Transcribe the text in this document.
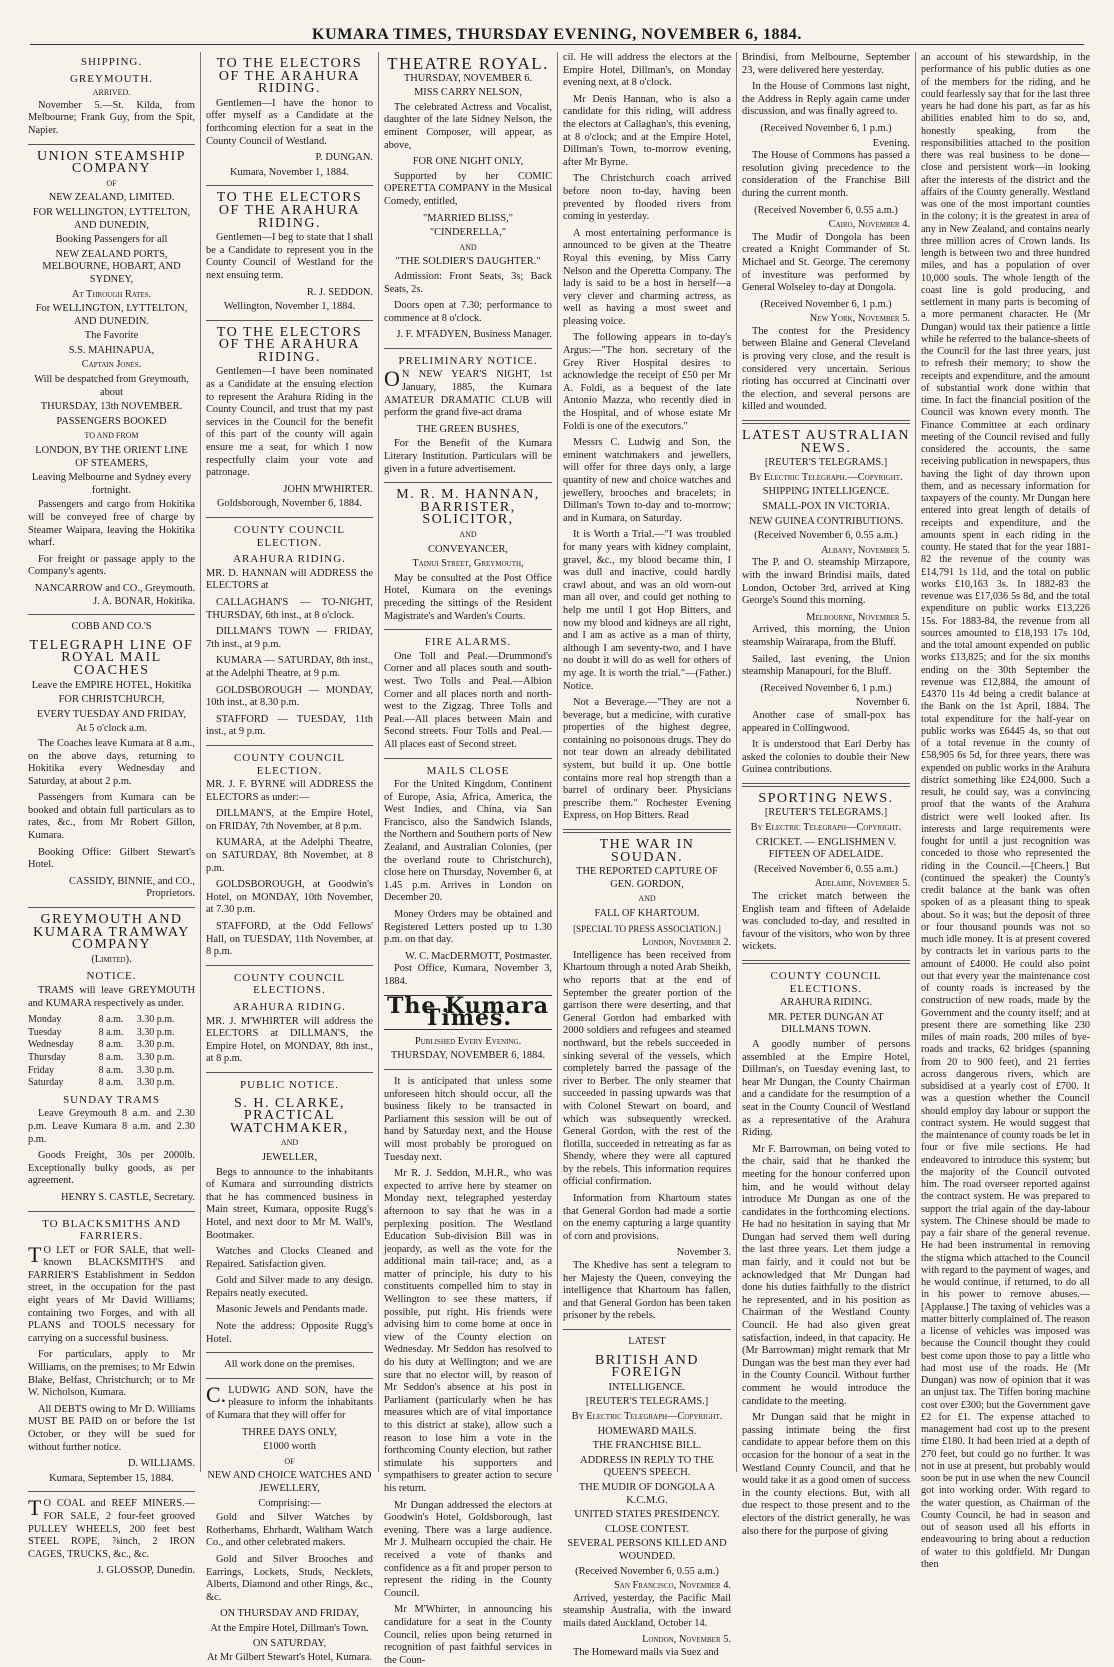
KUMARA TIMES, THURSDAY EVENING, NOVEMBER 6, 1884.
SHIPPING.
GREYMOUTH.
ARRIVED.

November 5.—St. Kilda, from Melbourne; Frank Guy, from the Spit, Napier.

UNION STEAMSHIP COMPANY
OF
NEW ZEALAND, LIMITED.
FOR WELLINGTON, LYTTELTON, AND DUNEDIN,
Booking Passengers for all
NEW ZEALAND PORTS, MELBOURNE, HOBART, AND SYDNEY,
At Through Rates.
For WELLINGTON, LYTTELTON, AND DUNEDIN.
The Favorite
S.S. MAHINAPUA,
Captain Jones.
Will be despatched from Greymouth, about
THURSDAY, 13th NOVEMBER.
PASSENGERS BOOKED
TO AND FROM
LONDON, BY THE ORIENT LINE OF STEAMERS,
Leaving Melbourne and Sydney every fortnight.

Passengers and cargo from Hokitika will be conveyed free of charge by Steamer Waipara, leaving the Hokitika wharf.

For freight or passage apply to the Company's agents.

NANCARROW and CO., Greymouth.
J. A. BONAR, Hokitika.
COBB AND CO.'S
TELEGRAPH LINE OF ROYAL MAIL COACHES
Leave the EMPIRE HOTEL, Hokitika
FOR CHRISTCHURCH,
EVERY TUESDAY AND FRIDAY,
At 5 o'clock a.m.

The Coaches leave Kumara at 8 a.m., on the above days, returning to Hokitika every Wednesday and Saturday, at about 2 p.m.

Passengers from Kumara can be booked and obtain full particulars as to rates, &c., from Mr Robert Gillon, Kumara.

Booking Office: Gilbert Stewart's Hotel.

CASSIDY, BINNIE, and CO., Proprietors.
GREYMOUTH AND KUMARA TRAMWAY COMPANY
(Limited).
NOTICE.

TRAMS will leave GREYMOUTH and KUMARA respectively as under.

Monday	8 a.m.	3.30 p.m.
Tuesday	8 a.m.	3.30 p.m.
Wednesday	8 a.m.	3.30 p.m.
Thursday	8 a.m.	3.30 p.m.
Friday	8 a.m.	3.30 p.m.
Saturday	8 a.m.	3.30 p.m.
SUNDAY TRAMS

Leave Greymouth 8 a.m. and 2.30 p.m. Leave Kumara 8 a.m. and 2.30 p.m.

Goods Freight, 30s per 2000lb. Exceptionally bulky goods, as per agreement.

HENRY S. CASTLE, Secretary.
TO BLACKSMITHS AND FARRIERS.

TO LET or FOR SALE, that well-known BLACKSMITH'S and FARRIER'S Establishment in Seddon street, in the occupation for the past eight years of Mr David Williams; containing two Forges, and with all PLANS and TOOLS necessary for carrying on a successful business.

For particulars, apply to Mr Williams, on the premises; to Mr Edwin Blake, Belfast, Christchurch; or to Mr W. Nicholson, Kumara.

All DEBTS owing to Mr D. Williams MUST BE PAID on or before the 1st October, or they will be sued for without further notice.

D. WILLIAMS.
Kumara, September 15, 1884.

TO COAL and REEF MINERS.—FOR SALE, 2 four-feet grooved PULLEY WHEELS, 200 feet best STEEL ROPE, ⅞inch, 2 IRON CAGES, TRUCKS, &c., &c.

J. GLOSSOP, Dunedin.
TO THE ELECTORS OF THE ARAHURA RIDING.

Gentlemen—I have the honor to offer myself as a Candidate at the forthcoming election for a seat in the County Council of Westland.

P. DUNGAN.
Kumara, November 1, 1884.
TO THE ELECTORS OF THE ARAHURA RIDING.

Gentlemen—I beg to state that I shall be a Candidate to represent you in the County Council of Westland for the next ensuing term.

R. J. SEDDON.
Wellington, November 1, 1884.
TO THE ELECTORS OF THE ARAHURA RIDING.

Gentlemen—I have been nominated as a Candidate at the ensuing election to represent the Arahura Riding in the County Council, and trust that my past services in the Council for the benefit of this part of the county will again ensure me a seat, for which I now respectfully claim your vote and patronage.

JOHN M'WHIRTER.
Goldsborough, November 6, 1884.
COUNTY COUNCIL ELECTION.
ARAHURA RIDING.

MR. D. HANNAN will ADDRESS the ELECTORS at

CALLAGHAN'S — TO-NIGHT, THURSDAY, 6th inst., at 8 o'clock.

DILLMAN'S TOWN — FRIDAY, 7th inst., at 9 p.m.

KUMARA — SATURDAY, 8th inst., at the Adelphi Theatre, at 9 p.m.

GOLDSBOROUGH — MONDAY, 10th inst., at 8.30 p.m.

STAFFORD — TUESDAY, 11th inst., at 9 p.m.

COUNTY COUNCIL ELECTION.

MR. J. F. BYRNE will ADDRESS the ELECTORS as under:—

DILLMAN'S, at the Empire Hotel, on FRIDAY, 7th November, at 8 p.m.

KUMARA, at the Adelphi Theatre, on SATURDAY, 8th November, at 8 p.m.

GOLDSBOROUGH, at Goodwin's Hotel, on MONDAY, 10th November, at 7.30 p.m.

STAFFORD, at the Odd Fellows' Hall, on TUESDAY, 11th November, at 8 p.m.

COUNTY COUNCIL ELECTIONS.
ARAHURA RIDING.

MR. J. M'WHIRTER will address the ELECTORS at DILLMAN'S, the Empire Hotel, on MONDAY, 8th inst., at 8 p.m.

PUBLIC NOTICE.
S. H. CLARKE, PRACTICAL WATCHMAKER,
AND
JEWELLER,

Begs to announce to the inhabitants of Kumara and surrounding districts that he has commenced business in Main street, Kumara, opposite Rugg's Hotel, and next door to Mr M. Wall's, Bootmaker.

Watches and Clocks Cleaned and Repaired. Satisfaction given.

Gold and Silver made to any design. Repairs neatly executed.

Masonic Jewels and Pendants made.

Note the address: Opposite Rugg's Hotel.

All work done on the premises.

C.LUDWIG AND SON, have the pleasure to inform the inhabitants of Kumara that they will offer for

THREE DAYS ONLY,
£1000 worth
OF
NEW AND CHOICE WATCHES AND JEWELLERY,
Comprising:—

Gold and Silver Watches by Rotherhams, Ehrhardt, Waltham Watch Co., and other celebrated makers.

Gold and Silver Brooches and Earrings, Lockets, Studs, Necklets, Alberts, Diamond and other Rings, &c., &c.

ON THURSDAY AND FRIDAY,
At the Empire Hotel, Dillman's Town.
ON SATURDAY,
At Mr Gilbert Stewart's Hotel, Kumara.
THEATRE ROYAL.
THURSDAY, NOVEMBER 6.
MISS CARRY NELSON,

The celebrated Actress and Vocalist, daughter of the late Sidney Nelson, the eminent Composer, will appear, as above,

FOR ONE NIGHT ONLY,

Supported by her COMIC OPERETTA COMPANY in the Musical Comedy, entitled,

"MARRIED BLISS,"
"CINDERELLA,"
AND
"THE SOLDIER'S DAUGHTER."

Admission: Front Seats, 3s; Back Seats, 2s.

Doors open at 7.30; performance to commence at 8 o'clock.

J. F. M'FADYEN, Business Manager.
PRELIMINARY NOTICE.

ON NEW YEAR'S NIGHT, 1st January, 1885, the Kumara AMATEUR DRAMATIC CLUB will perform the grand five-act drama

THE GREEN BUSHES,

For the Benefit of the Kumara Literary Institution. Particulars will be given in a future advertisement.

M. R. M. HANNAN, BARRISTER, SOLICITOR,
AND
CONVEYANCER,
Tainui Street, Greymouth,

May be consulted at the Post Office Hotel, Kumara on the evenings preceding the sittings of the Resident Magistrate's and Warden's Courts.

FIRE ALARMS.

One Toll and Peal.—Drummond's Corner and all places south and south-west. Two Tolls and Peal.—Albion Corner and all places north and north-west to the Zigzag. Three Tolls and Peal.—All places between Main and Second streets. Four Tolls and Peal.—All places east of Second street.

MAILS CLOSE

For the United Kingdom, Continent of Europe, Asia, Africa, America, the West Indies, and China, via San Francisco, also the Sandwich Islands, the Northern and Southern ports of New Zealand, and Australian Colonies, (per the overland route to Christchurch), close here on Thursday, November 6, at 1.45 p.m. Arrives in London on December 20.

Money Orders may be obtained and Registered Letters posted up to 1.30 p.m. on that day.

W. C. MacDERMOTT, Postmaster.

Post Office, Kumara, November 3, 1884.

The Kumara Times.
Published Every Evening.
THURSDAY, NOVEMBER 6, 1884.

It is anticipated that unless some unforeseen hitch should occur, all the business likely to be transacted in Parliament this session will be out of hand by Saturday next, and the House will most probably be prorogued on Tuesday next.

Mr R. J. Seddon, M.H.R., who was expected to arrive here by steamer on Monday next, telegraphed yesterday afternoon to say that he was in a perplexing position. The Westland Education Sub-division Bill was in jeopardy, as well as the vote for the additional main tail-race; and, as a matter of principle, his duty to his constituents compelled him to stay in Wellington to see these matters, if possible, put right. His friends were advising him to come home at once in view of the County election on Wednesday. Mr Seddon has resolved to do his duty at Wellington; and we are sure that no elector will, by reason of Mr Seddon's absence at his post in Parliament (particularly when he has measures which are of vital importance to this district at stake), allow such a reason to lose him a vote in the forthcoming County election, but rather stimulate his supporters and sympathisers to greater action to secure his return.

Mr Dungan addressed the electors at Goodwin's Hotel, Goldsborough, last evening. There was a large audience. Mr J. Mulhearn occupied the chair. He received a vote of thanks and confidence as a fit and proper person to represent the riding in the County Council.

Mr M'Whirter, in announcing his candidature for a seat in the County Council, relies upon being returned in recognition of past faithful services in the Coun-

cil. He will address the electors at the Empire Hotel, Dillman's, on Monday evening next, at 8 o'clock.

Mr Denis Hannan, who is also a candidate for this riding, will address the electors at Callaghan's, this evening, at 8 o'clock; and at the Empire Hotel, Dillman's Town, to-morrow evening, after Mr Byrne.

The Christchurch coach arrived before noon to-day, having been prevented by flooded rivers from coming in yesterday.

A most entertaining performance is announced to be given at the Theatre Royal this evening, by Miss Carry Nelson and the Operetta Company. The lady is said to be a host in herself—a very clever and charming actress, as well as having a most sweet and pleasing voice.

The following appears in to-day's Argus:—"The hon. secretary of the Grey River Hospital desires to acknowledge the receipt of £50 per Mr A. Foldi, as a bequest of the late Antonio Mazza, who recently died in the Hospital, and of whose estate Mr Foldi is one of the executors."

Messrs C. Ludwig and Son, the eminent watchmakers and jewellers, will offer for three days only, a large quantity of new and choice watches and jewellery, brooches and bracelets; in Dillman's Town to-day and to-morrow; and in Kumara, on Saturday.

It is Worth a Trial.—"I was troubled for many years with kidney complaint, gravel, &c., my blood became thin, I was dull and inactive, could hardly crawl about, and was an old worn-out man all over, and could get nothing to help me until I got Hop Bitters, and now my blood and kidneys are all right, and I am as active as a man of thirty, although I am seventy-two, and I have no doubt it will do as well for others of my age. It is worth the trial."—(Father.) Notice.

Not a Beverage.—"They are not a beverage, but a medicine, with curative properties of the highest degree, containing no poisonous drugs. They do not tear down an already debilitated system, but build it up. One bottle contains more real hop strength than a barrel of ordinary beer. Physicians prescribe them." Rochester Evening Express, on Hop Bitters. Read

THE WAR IN SOUDAN.
THE REPORTED CAPTURE OF GEN. GORDON,
AND
FALL OF KHARTOUM.
[SPECIAL TO PRESS ASSOCIATION.]
London, November 2.

Intelligence has been received from Khartoum through a noted Arab Sheikh, who reports that at the end of September the greater portion of the garrison there were deserting, and that General Gordon had embarked with 2000 soldiers and refugees and steamed northward, but the rebels succeeded in sinking several of the vessels, which completely barred the passage of the river to Berber. The only steamer that succeeded in passing upwards was that with Colonel Stewart on board, and which was subsequently wrecked. General Gordon, with the rest of the flotilla, succeeded in retreating as far as Shendy, where they were all captured by the rebels. This information requires official confirmation.

Information from Khartoum states that General Gordon had made a sortie on the enemy capturing a large quantity of corn and provisions.

November 3.

The Khedive has sent a telegram to her Majesty the Queen, conveying the intelligence that Khartoum has fallen, and that General Gordon has been taken prisoner by the rebels.

LATEST
BRITISH AND FOREIGN
INTELLIGENCE.
[REUTER'S TELEGRAMS.]
By Electric Telegraph—Copyright.
HOMEWARD MAILS.
THE FRANCHISE BILL.
ADDRESS IN REPLY TO THE QUEEN'S SPEECH.
THE MUDIR OF DONGOLA A K.C.M.G.
UNITED STATES PRESIDENCY.
CLOSE CONTEST.
SEVERAL PERSONS KILLED AND WOUNDED.
(Received November 6, 0.55 a.m.)
San Francisco, November 4.

Arrived, yesterday, the Pacific Mail steamship Australia, with the inward mails dated Auckland, October 14.

London, November 5.

The Homeward mails via Suez and

Brindisi, from Melbourne, September 23, were delivered here yesterday.

In the House of Commons last night, the Address in Reply again came under discussion, and was finally agreed to.

(Received November 6, 1 p.m.)
Evening.

The House of Commons has passed a resolution giving precedence to the consideration of the Franchise Bill during the current month.

(Received November 6, 0.55 a.m.)
Cairo, November 4.

The Mudir of Dongola has been created a Knight Commander of St. Michael and St. George. The ceremony of investiture was performed by General Wolseley to-day at Dongola.

(Received November 6, 1 p.m.)
New York, November 5.

The contest for the Presidency between Blaine and General Cleveland is proving very close, and the result is considered very uncertain. Serious rioting has occurred at Cincinatti over the election, and several persons are killed and wounded.

LATEST AUSTRALIAN NEWS.
[REUTER'S TELEGRAMS.]
By Electric Telegraph.—Copyright.
SHIPPING INTELLIGENCE.
SMALL-POX IN VICTORIA.
NEW GUINEA CONTRIBUTIONS.
(Received November 6, 0.55 a.m.)
Albany, November 5.

The P. and O. steamship Mirzapore, with the inward Brindisi mails, dated London, October 3rd, arrived at King George's Sound this morning.

Melbourne, November 5.

Arrived, this morning, the Union steamship Wairarapa, from the Bluff.

Sailed, last evening, the Union steamship Manapouri, for the Bluff.

(Received November 6, 1 p.m.)
November 6.

Another case of small-pox has appeared in Collingwood.

It is understood that Earl Derby has asked the colonies to double their New Guinea contributions.

SPORTING NEWS.
[REUTER'S TELEGRAMS.]
By Electric Telegraph—Copyright.
CRICKET. — ENGLISHMEN V. FIFTEEN OF ADELAIDE.
(Received November 6, 0.55 a.m.)
Adelaide, November 5.

The cricket match between the English team and fifteen of Adelaide was concluded to-day, and resulted in favour of the visitors, who won by three wickets.

COUNTY COUNCIL ELECTIONS.
ARAHURA RIDING.
MR. PETER DUNGAN AT DILLMANS TOWN.

A goodly number of persons assembled at the Empire Hotel, Dillman's, on Tuesday evening last, to hear Mr Dungan, the County Chairman and a candidate for the resumption of a seat in the County Council of Westland as a representative of the Arahura Riding.

Mr F. Barrowman, on being voted to the chair, said that he thanked the meeting for the honour conferred upon him, and he would without delay introduce Mr Dungan as one of the candidates in the forthcoming elections. He had no hesitation in saying that Mr Dungan had served them well during the last three years. Let them judge a man fairly, and it could not but be acknowledged that Mr Dungan had done his duties faithfully to the district he represented, and in his position as Chairman of the Westland County Council. He had also given great satisfaction, indeed, in that capacity. He (Mr Barrowman) might remark that Mr Dungan was the best man they ever had in the County Council. Without further comment he would introduce the candidate to the meeting.

Mr Dungan said that he might in passing intimate being the first candidate to appear before them on this occasion for the honour of a seat in the Westland County Council, and that he would take it as a good omen of success in the county elections. But, with all due respect to those present and to the electors of the district generally, he was also there for the purpose of giving

an account of his stewardship, in the performance of his public duties as one of the members for the riding, and he could fearlessly say that for the last three years he had done his part, as far as his abilities enabled him to do so, and, honestly speaking, from the responsibilities attached to the position there was real business to be done—close and persistent work—in looking after the interests of the district and the affairs of the County generally. Westland was one of the most important counties in the colony; it is the greatest in area of any in New Zealand, and contains nearly three million acres of Crown lands. Its length is between two and three hundred miles, and has a population of over 10,000 souls. The whole length of the coast line is gold producing, and settlement in many parts is becoming of a more permanent character. He (Mr Dungan) would tax their patience a little while he referred to the balance-sheets of the Council for the last three years, just to refresh their memory; to show the receipts and expenditure, and the amount of substantial work done within that time. In fact the financial position of the Council was known every month. The Finance Committee at each ordinary meeting of the Council revised and fully considered the accounts, the same receiving publication in newspapers, thus having the light of day thrown upon them, and as necessary information for taxpayers of the county. Mr Dungan here entered into great length of details of receipts and expenditure, and the amounts spent in each riding in the county. He stated that for the year 1881-82 the revenue of the county was £14,791 1s 11d, and the total on public works £10,163 3s. In 1882-83 the revenue was £17,036 5s 8d, and the total expenditure on public works £13,226 15s. For 1883-84, the revenue from all sources amounted to £18,193 17s 10d, and the total amount expended on public works £13,825; and for the six months ending on the 30th September the revenue was £12,884, the amount of £4370 11s 4d being a credit balance at the Bank on the 1st April, 1884. The total expenditure for the half-year on public works was £6445 4s, so that out of a total revenue in the county of £58,905 6s 5d, for three years, there was expended on public works in the Arahura district something like £24,000. Such a result, he could say, was a convincing proof that the wants of the Arahura district were well looked after. Its interests and large requirements were fought for until a just recognition was conceded to those who represented the riding in the Council.—[Cheers.] But (continued the speaker) the County's credit balance at the bank was often spoken of as a pleasant thing to speak about. So it was; but the deposit of three or four thousand pounds was not so much idle money. It is at present covered by contracts let in various parts to the amount of £4000. He could also point out that every year the maintenance cost of county roads is increased by the construction of new roads, made by the Government and the county itself; and at present there are something like 230 miles of main roads, 200 miles of bye-roads and tracks, 62 bridges (spanning from 20 to 900 feet), and 21 ferries across dangerous rivers, which are subsidised at a yearly cost of £700. It was a question whether the Council should employ day labour or support the contract system. He would suggest that the maintenance of county roads be let in four or five mile sections. He had endeavored to introduce this system; but the majority of the Council outvoted him. The road overseer reported against the contract system. He was prepared to support the trial again of the day-labour system. The Chinese should be made to pay a fair share of the general revenue. He had been instrumental in removing the stigma which attached to the Council with regard to the payment of wages, and he would continue, if returned, to do all in his power to remove abuses.—[Applause.] The taxing of vehicles was a matter bitterly complained of. The reason a license of vehicles was imposed was because the Council thought they could best come upon those to pay a little who had most use of the roads. He (Mr Dungan) was now of opinion that it was an unjust tax. The Tiffen boring machine cost over £300; but the Government gave £2 for £1. The expense attached to management had cost up to the present time £180. It had been tried at a depth of 270 feet, but could go no further. It was not in use at present, but probably would soon be put in use when the new Council got into working order. With regard to the water question, as Chairman of the County Council, he had in season and out of season used all his efforts in endeavouring to bring about a reduction of water to this goldfield. Mr Dungan then
